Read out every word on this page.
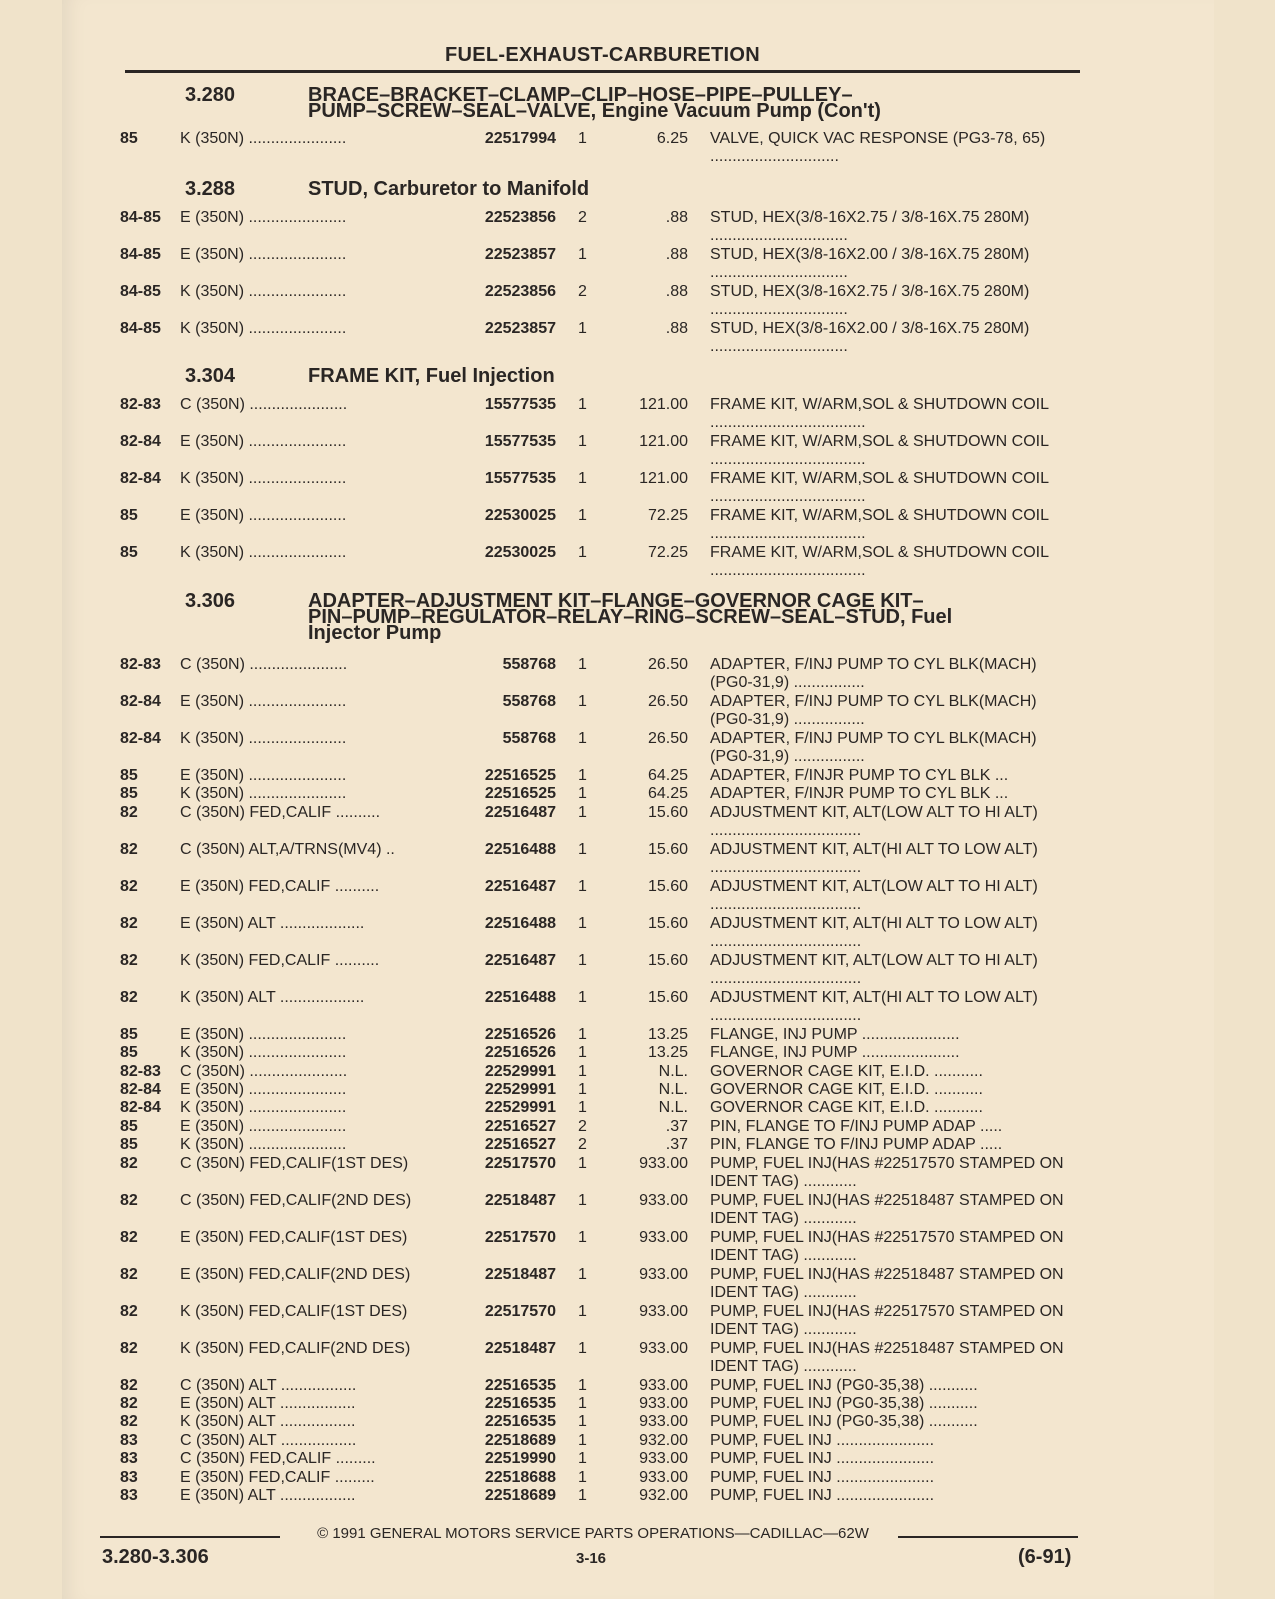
FUEL-EXHAUST-CARBURETION
3.280	BRACE–BRACKET–CLAMP–CLIP–HOSE–PIPE–PULLEY–
PUMP–SCREW–SEAL–VALVE, Engine Vacuum Pump (Con't)
85	K (350N) ......................	22517994 1	6.25 VALVE, QUICK VAC RESPONSE (PG3-78, 65) .............................
3.288	STUD, Carburetor to Manifold
84-85 E (350N) ......................	22523856 2	.88 STUD, HEX(3/8-16X2.75 / 3/8-16X.75 280M) ...............................
84-85 E (350N) ......................	22523857 1	.88 STUD, HEX(3/8-16X2.00 / 3/8-16X.75 280M) ...............................
84-85 K (350N) ......................	22523856 2	.88 STUD, HEX(3/8-16X2.75 / 3/8-16X.75 280M) ...............................
84-85 K (350N) ......................	22523857 1	.88 STUD, HEX(3/8-16X2.00 / 3/8-16X.75 280M) ...............................
3.304	FRAME KIT, Fuel Injection
82-83 C (350N) ......................	15577535 1	121.00 FRAME KIT, W/ARM,SOL & SHUTDOWN COIL ...................................
82-84 E (350N) ......................	15577535 1	121.00 FRAME KIT, W/ARM,SOL & SHUTDOWN COIL ...................................
82-84 K (350N) ......................	15577535 1	121.00 FRAME KIT, W/ARM,SOL & SHUTDOWN COIL ...................................
85	E (350N) ......................	22530025 1	72.25 FRAME KIT, W/ARM,SOL & SHUTDOWN COIL ...................................
85	K (350N) ......................	22530025 1	72.25 FRAME KIT, W/ARM,SOL & SHUTDOWN COIL ...................................
3.306	ADAPTER–ADJUSTMENT KIT–FLANGE–GOVERNOR CAGE KIT–
PIN–PUMP–REGULATOR–RELAY–RING–SCREW–SEAL–STUD, Fuel
Injector Pump
82-83 C (350N) ......................	558768 1	26.50 ADAPTER, F/INJ PUMP TO CYL BLK(MACH) (PG0-31,9) ................
82-84 E (350N) ......................	558768 1	26.50 ADAPTER, F/INJ PUMP TO CYL BLK(MACH) (PG0-31,9) ................
82-84 K (350N) ......................	558768 1	26.50 ADAPTER, F/INJ PUMP TO CYL BLK(MACH) (PG0-31,9) ................
85	E (350N) ......................	22516525 1	64.25 ADAPTER, F/INJR PUMP TO CYL BLK ...
85	K (350N) ......................	22516525 1	64.25 ADAPTER, F/INJR PUMP TO CYL BLK ...
82	C (350N) FED,CALIF ..........	22516487 1	15.60 ADJUSTMENT KIT, ALT(LOW ALT TO HI ALT) ..................................
82	C (350N) ALT,A/TRNS(MV4) ..	22516488 1	15.60 ADJUSTMENT KIT, ALT(HI ALT TO LOW ALT) ..................................
82	E (350N) FED,CALIF ..........	22516487 1	15.60 ADJUSTMENT KIT, ALT(LOW ALT TO HI ALT) ..................................
82	E (350N) ALT ...................	22516488 1	15.60 ADJUSTMENT KIT, ALT(HI ALT TO LOW ALT) ..................................
82	K (350N) FED,CALIF ..........	22516487 1	15.60 ADJUSTMENT KIT, ALT(LOW ALT TO HI ALT) ..................................
82	K (350N) ALT ...................	22516488 1	15.60 ADJUSTMENT KIT, ALT(HI ALT TO LOW ALT) ..................................
85	E (350N) ......................	22516526 1	13.25 FLANGE, INJ PUMP ......................
85	K (350N) ......................	22516526 1	13.25 FLANGE, INJ PUMP ......................
82-83 C (350N) ......................	22529991 1	N.L. GOVERNOR CAGE KIT, E.I.D. ...........
82-84 E (350N) ......................	22529991 1	N.L. GOVERNOR CAGE KIT, E.I.D. ...........
82-84 K (350N) ......................	22529991 1	N.L. GOVERNOR CAGE KIT, E.I.D. ...........
85	E (350N) ......................	22516527 2	.37 PIN, FLANGE TO F/INJ PUMP ADAP .....
85	K (350N) ......................	22516527 2	.37 PIN, FLANGE TO F/INJ PUMP ADAP .....
82	C (350N) FED,CALIF(1ST DES)	22517570 1	933.00 PUMP, FUEL INJ(HAS #22517570 STAMPED ON IDENT TAG) ............
82	C (350N) FED,CALIF(2ND DES)	22518487 1	933.00 PUMP, FUEL INJ(HAS #22518487 STAMPED ON IDENT TAG) ............
82	E (350N) FED,CALIF(1ST DES)	22517570 1	933.00 PUMP, FUEL INJ(HAS #22517570 STAMPED ON IDENT TAG) ............
82	E (350N) FED,CALIF(2ND DES)	22518487 1	933.00 PUMP, FUEL INJ(HAS #22518487 STAMPED ON IDENT TAG) ............
82	K (350N) FED,CALIF(1ST DES)	22517570 1	933.00 PUMP, FUEL INJ(HAS #22517570 STAMPED ON IDENT TAG) ............
82	K (350N) FED,CALIF(2ND DES)	22518487 1	933.00 PUMP, FUEL INJ(HAS #22518487 STAMPED ON IDENT TAG) ............
82	C (350N) ALT .................	22516535 1	933.00 PUMP, FUEL INJ (PG0-35,38) ...........
82	E (350N) ALT .................	22516535 1	933.00 PUMP, FUEL INJ (PG0-35,38) ...........
82	K (350N) ALT .................	22516535 1	933.00 PUMP, FUEL INJ (PG0-35,38) ...........
83	C (350N) ALT .................	22518689 1	932.00 PUMP, FUEL INJ ......................
83	C (350N) FED,CALIF .........	22519990 1	933.00 PUMP, FUEL INJ ......................
83	E (350N) FED,CALIF .........	22518688 1	933.00 PUMP, FUEL INJ ......................
83	E (350N) ALT .................	22518689 1	932.00 PUMP, FUEL INJ ......................
© 1991 GENERAL MOTORS SERVICE PARTS OPERATIONS—CADILLAC—62W
3.280-3.306	3-16	(6-91)
